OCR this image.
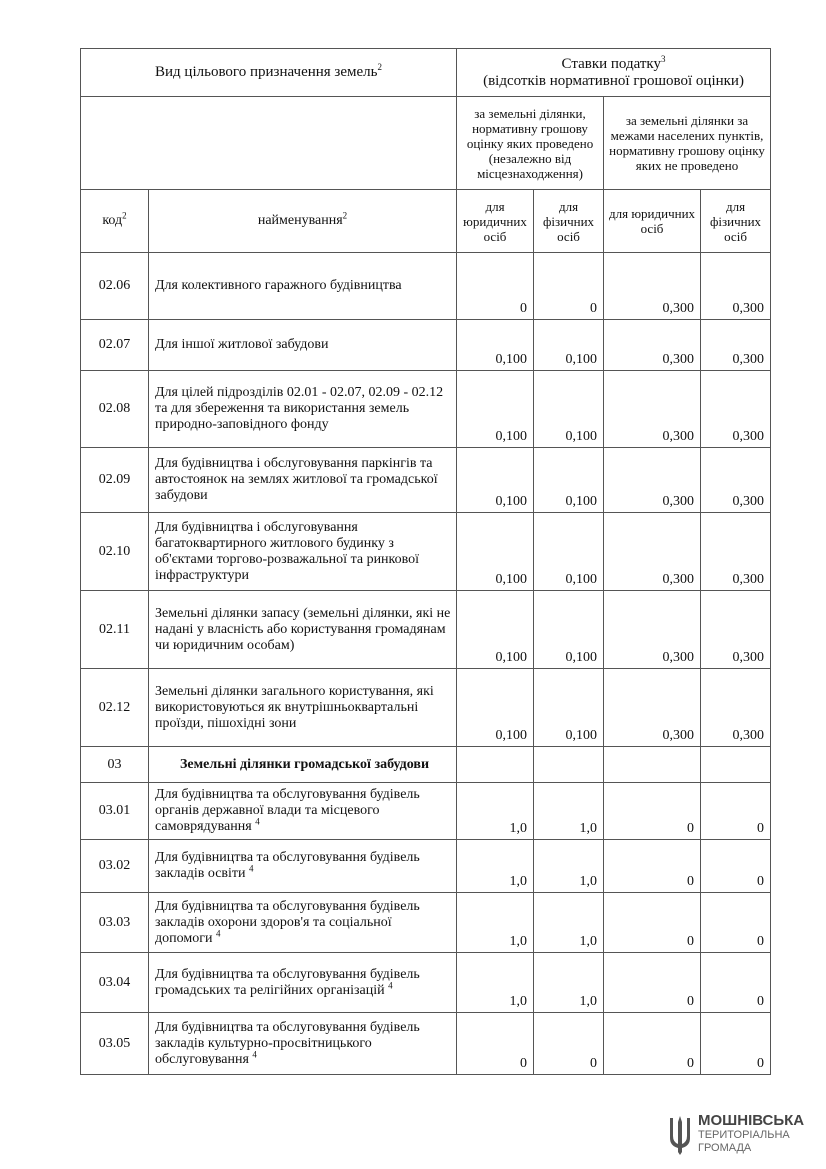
Вид цільового призначення земель$^2$		Ставки податку$^3$
(відсотків нормативної грошової оцінки)			
		за земельні ділянки, нормативну грошову оцінку яких проведено (незалежно від місцезнаходження)		за земельні ділянки за межами населених пунктів, нормативну грошову оцінку яких не проведено	
код$^2$	найменування$^2$	для юридичних осіб	для фізичних осіб	для юридичних осіб	для фізичних осіб
02.06	Для колективного гаражного будівництва	0	0	0,300	0,300
02.07	Для іншої житлової забудови	0,100	0,100	0,300	0,300
02.08	Для цілей підрозділів 02.01 - 02.07, 02.09 - 02.12 та для збереження та використання земель природно-заповідного фонду	0,100	0,100	0,300	0,300
02.09	Для будівництва і обслуговування паркінгів та автостоянок на землях житлової та громадської забудови	0,100	0,100	0,300	0,300
02.10	Для будівництва і обслуговування багатоквартирного житлового будинку з об'єктами торгово-розважальної та ринкової інфраструктури	0,100	0,100	0,300	0,300
02.11	Земельні ділянки запасу (земельні ділянки, які не надані у власність або користування громадянам чи юридичним особам)	0,100	0,100	0,300	0,300
02.12	Земельні ділянки загального користування, які використовуються як внутрішньоквартальні проїзди, пішохідні зони	0,100	0,100	0,300	0,300
03	Земельні ділянки громадської забудови				
03.01	Для будівництва та обслуговування будівель органів державної влади та місцевого самоврядування $^4$	1,0	1,0	0	0
03.02	Для будівництва та обслуговування будівель закладів освіти $^4$	1,0	1,0	0	0
03.03	Для будівництва та обслуговування будівель закладів охорони здоров'я та соціальної допомоги $^4$	1,0	1,0	0	0
03.04	Для будівництва та обслуговування будівель громадських та релігійних організацій $^4$	1,0	1,0	0	0
03.05	Для будівництва та обслуговування будівель закладів культурно-просвітницького обслуговування $^4$	0	0	0	0
МОШНІВСЬКА
ТЕРИТОРІАЛЬНА
ГРОМАДА
